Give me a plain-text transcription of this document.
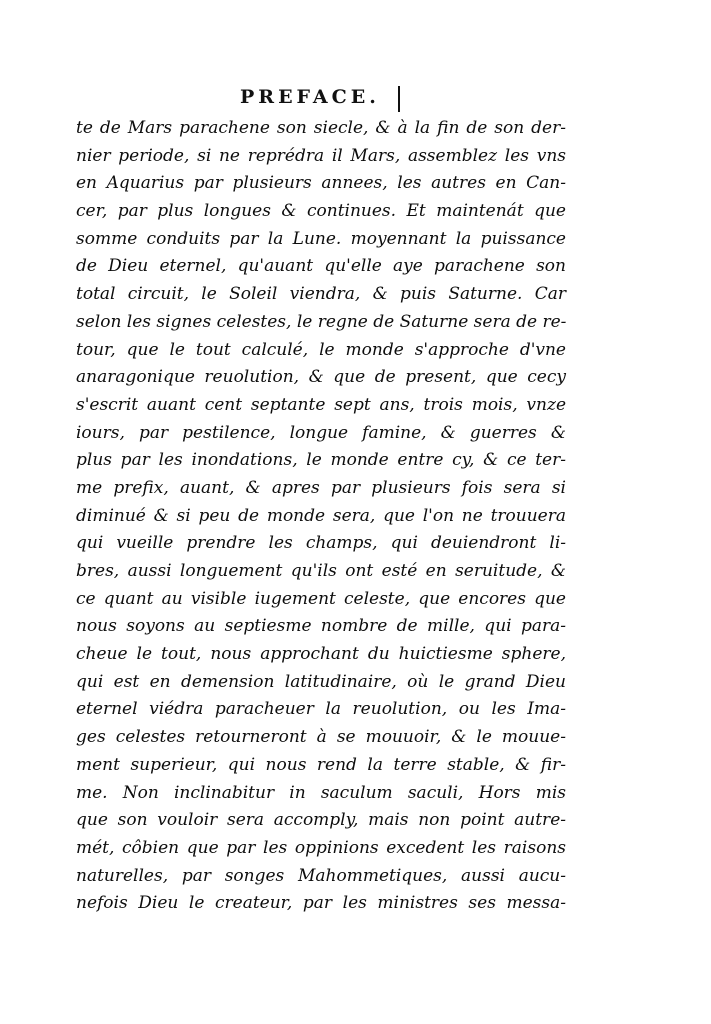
PREFACE.
te de Mars parachene son siecle, & à la fin de son der-
nier periode, si ne reprédra il Mars, assemblez les vns
en Aquarius par plusieurs annees, les autres en Can-
cer, par plus longues & continues. Et maintenát que
somme conduits par la Lune. moyennant la puissance
de Dieu eternel, qu'auant qu'elle aye parachene son
total circuit, le Soleil viendra, & puis Saturne. Car
selon les signes celestes, le regne de Saturne sera de re-
tour, que le tout calculé, le monde s'approche d'vne
anaragonique reuolution, & que de present, que cecy
s'escrit auant cent septante sept ans, trois mois, vnze
iours, par pestilence, longue famine, & guerres &
plus par les inondations, le monde entre cy, & ce ter-
me prefix, auant, & apres par plusieurs fois sera si
diminué & si peu de monde sera, que l'on ne trouuera
qui vueille prendre les champs, qui deuiendront li-
bres, aussi longuement qu'ils ont esté en seruitude, &
ce quant au visible iugement celeste, que encores que
nous soyons au septiesme nombre de mille, qui para-
cheue le tout, nous approchant du huictiesme sphere,
qui est en demension latitudinaire, où le grand Dieu
eternel viédra paracheuer la reuolution, ou les Ima-
ges celestes retourneront à se mouuoir, & le mouue-
ment superieur, qui nous rend la terre stable, & fir-
me. Non inclinabitur in saculum saculi, Hors mis
que son vouloir sera accomply, mais non point autre-
mét, côbien que par les oppinions excedent les raisons
naturelles, par songes Mahommetiques, aussi aucu-
nefois Dieu le createur, par les ministres ses messa-
